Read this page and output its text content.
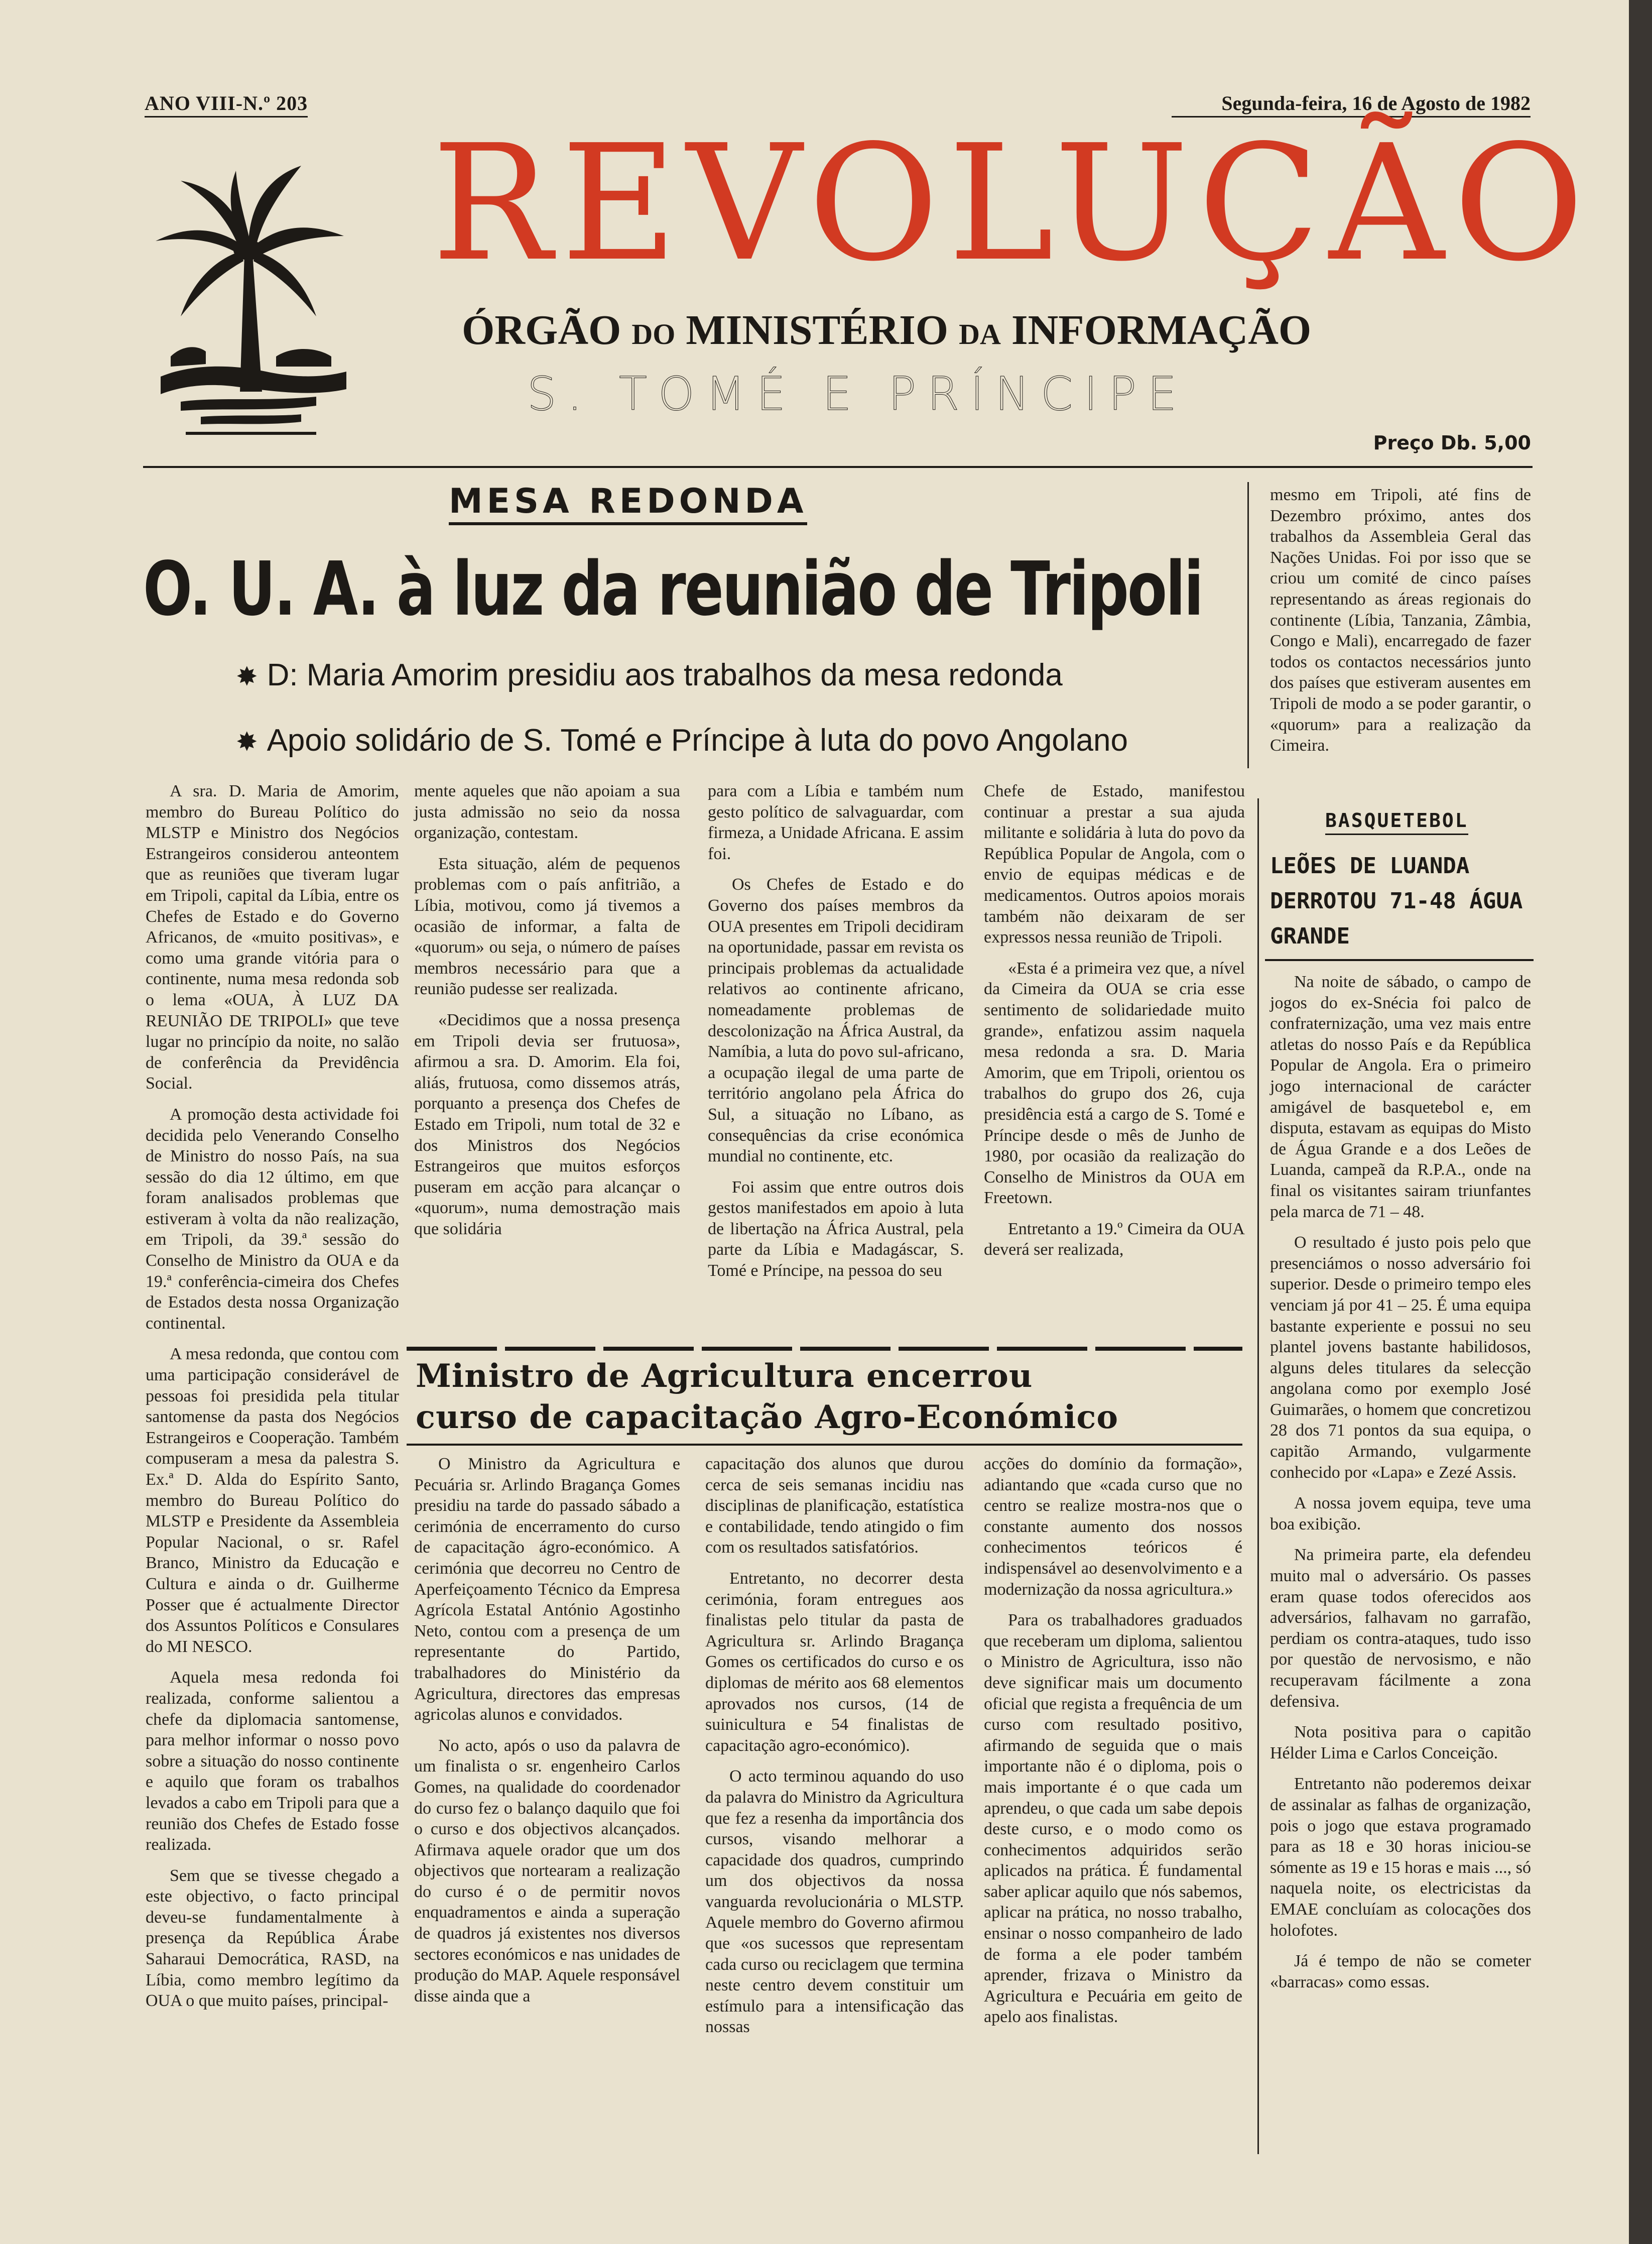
ANO VIII-N.º 203	Segunda-feira, 16 de Agosto de 1982
REVOLUÇÃO
ÓRGÃO DO MINISTÉRIO DA INFORMAÇÃO
S. TOMÉ E PRÍNCIPE
Preço Db. 5,00
MESA REDONDA
O. U. A. à luz da reunião de Tripoli
✸ D: Maria Amorim presidiu aos trabalhos da mesa redonda
✸ Apoio solidário de S. Tomé e Príncipe à luta do povo Angolano

A sra. D. Maria de Amorim, membro do Bureau Político do MLSTP e Ministro dos Negócios Estrangeiros considerou anteontem que as reuniões que tiveram lugar em Tripoli, capital da Líbia, entre os Chefes de Estado e do Governo Africanos, de «muito positivas», e como uma grande vitória para o continente, numa mesa redonda sob o lema «OUA, À LUZ DA REUNIÃO DE TRIPOLI» que teve lugar no princípio da noite, no salão de conferência da Previdência Social.

A promoção desta actividade foi decidida pelo Venerando Conselho de Ministro do nosso País, na sua sessão do dia 12 último, em que foram analisados problemas que estiveram à volta da não realização, em Tripoli, da 39.ª sessão do Conselho de Ministro da OUA e da 19.ª conferência-cimeira dos Chefes de Estados desta nossa Organização continental.

A mesa redonda, que contou com uma participação considerável de pessoas foi presidida pela titular santomense da pasta dos Negócios Estrangeiros e Cooperação. Também compuseram a mesa da palestra S. Ex.ª D. Alda do Espírito Santo, membro do Bureau Político do MLSTP e Presidente da Assembleia Popular Nacional, o sr. Rafel Branco, Ministro da Educação e Cultura e ainda o dr. Guilherme Posser que é actualmente Director dos Assuntos Políticos e Consulares do MI NESCO.

Aquela mesa redonda foi realizada, conforme salientou a chefe da diplomacia santomense, para melhor informar o nosso povo sobre a situação do nosso continente e aquilo que foram os trabalhos levados a cabo em Tripoli para que a reunião dos Chefes de Estado fosse realizada.

Sem que se tivesse chegado a este objectivo, o facto principal deveu-se fundamentalmente à presença da República Árabe Saharaui Democrática, RASD, na Líbia, como membro legítimo da OUA o que muito países, principal-

mente aqueles que não apoiam a sua justa admissão no seio da nossa organização, contestam.

Esta situação, além de pequenos problemas com o país anfitrião, a Líbia, motivou, como já tivemos a ocasião de informar, a falta de «quorum» ou seja, o número de países membros necessário para que a reunião pudesse ser realizada.

«Decidimos que a nossa presença em Tripoli devia ser frutuosa», afirmou a sra. D. Amorim. Ela foi, aliás, frutuosa, como dissemos atrás, porquanto a presença dos Chefes de Estado em Tripoli, num total de 32 e dos Ministros dos Negócios Estrangeiros que muitos esforços puseram em acção para alcançar o «quorum», numa demostração mais que solidária

para com a Líbia e também num gesto político de salvaguardar, com firmeza, a Unidade Africana. E assim foi.

Os Chefes de Estado e do Governo dos países membros da OUA presentes em Tripoli decidiram na oportunidade, passar em revista os principais problemas da actualidade relativos ao continente africano, nomeadamente problemas de descolonização na África Austral, da Namíbia, a luta do povo sul-africano, a ocupação ilegal de uma parte de território angolano pela África do Sul, a situação no Líbano, as consequências da crise económica mundial no continente, etc.

Foi assim que entre outros dois gestos manifestados em apoio à luta de libertação na África Austral, pela parte da Líbia e Madagáscar, S. Tomé e Príncipe, na pessoa do seu

Chefe de Estado, manifestou continuar a prestar a sua ajuda militante e solidária à luta do povo da República Popular de Angola, com o envio de equipas médicas e de medicamentos. Outros apoios morais também não deixaram de ser expressos nessa reunião de Tripoli.

«Esta é a primeira vez que, a nível da Cimeira da OUA se cria esse sentimento de solidariedade muito grande», enfatizou assim naquela mesa redonda a sra. D. Maria Amorim, que em Tripoli, orientou os trabalhos do grupo dos 26, cuja presidência está a cargo de S. Tomé e Príncipe desde o mês de Junho de 1980, por ocasião da realização do Conselho de Ministros da OUA em Freetown.

Entretanto a 19.º Cimeira da OUA deverá ser realizada,

mesmo em Tripoli, até fins de Dezembro próximo, antes dos trabalhos da Assembleia Geral das Nações Unidas. Foi por isso que se criou um comité de cinco países representando as áreas regionais do continente (Líbia, Tanzania, Zâmbia, Congo e Mali), encarregado de fazer todos os contactos necessários junto dos países que estiveram ausentes em Tripoli de modo a se poder garantir, o «quorum» para a realização da Cimeira.

Ministro de Agricultura encerrou
curso de capacitação Agro-Económico

O Ministro da Agricultura e Pecuária sr. Arlindo Bragança Gomes presidiu na tarde do passado sábado a cerimónia de encerramento do curso de capacitação ágro-económico. A cerimónia que decorreu no Centro de Aperfeiçoamento Técnico da Empresa Agrícola Estatal António Agostinho Neto, contou com a presença de um representante do Partido, trabalhadores do Ministério da Agricultura, directores das empresas agricolas alunos e convidados.

No acto, após o uso da palavra de um finalista o sr. engenheiro Carlos Gomes, na qualidade do coordenador do curso fez o balanço daquilo que foi o curso e dos objectivos alcançados. Afirmava aquele orador que um dos objectivos que nortearam a realização do curso é o de permitir novos enquadramentos e ainda a superação de quadros já existentes nos diversos sectores económicos e nas unidades de produção do MAP. Aquele responsável disse ainda que a

capacitação dos alunos que durou cerca de seis semanas incidiu nas disciplinas de planificação, estatística e contabilidade, tendo atingido o fim com os resultados satisfatórios.

Entretanto, no decorrer desta cerimónia, foram entregues aos finalistas pelo titular da pasta de Agricultura sr. Arlindo Bragança Gomes os certificados do curso e os diplomas de mérito aos 68 elementos aprovados nos cursos, (14 de suinicultura e 54 finalistas de capacitação agro-económico).

O acto terminou aquando do uso da palavra do Ministro da Agricultura que fez a resenha da importância dos cursos, visando melhorar a capacidade dos quadros, cumprindo um dos objectivos da nossa vanguarda revolucionária o MLSTP. Aquele membro do Governo afirmou que «os sucessos que representam cada curso ou reciclagem que termina neste centro devem constituir um estímulo para a intensificação das nossas

acções do domínio da formação», adiantando que «cada curso que no centro se realize mostra-nos que o constante aumento dos nossos conhecimentos teóricos é indispensável ao desenvolvimento e a modernização da nossa agricultura.»

Para os trabalhadores graduados que receberam um diploma, salientou o Ministro de Agricultura, isso não deve significar mais um documento oficial que regista a frequência de um curso com resultado positivo, afirmando de seguida que o mais importante não é o diploma, pois o mais importante é o que cada um aprendeu, o que cada um sabe depois deste curso, e o modo como os conhecimentos adquiridos serão aplicados na prática. É fundamental saber aplicar aquilo que nós sabemos, aplicar na prática, no nosso trabalho, ensinar o nosso companheiro de lado de forma a ele poder também aprender, frizava o Ministro da Agricultura e Pecuária em geito de apelo aos finalistas.

BASQUETEBOL
LEÕES DE LUANDA DERROTOU 71-48 ÁGUA GRANDE

Na noite de sábado, o campo de jogos do ex-Snécia foi palco de confraternização, uma vez mais entre atletas do nosso País e da República Popular de Angola. Era o primeiro jogo internacional de carácter amigável de basquetebol e, em disputa, estavam as equipas do Misto de Água Grande e a dos Leões de Luanda, campeã da R.P.A., onde na final os visitantes sairam triunfantes pela marca de 71 – 48.

O resultado é justo pois pelo que presenciámos o nosso adversário foi superior. Desde o primeiro tempo eles venciam já por 41 – 25. É uma equipa bastante experiente e possui no seu plantel jovens bastante habilidosos, alguns deles titulares da selecção angolana como por exemplo José Guimarães, o homem que concretizou 28 dos 71 pontos da sua equipa, o capitão Armando, vulgarmente conhecido por «Lapa» e Zezé Assis.

A nossa jovem equipa, teve uma boa exibição.

Na primeira parte, ela defendeu muito mal o adversário. Os passes eram quase todos oferecidos aos adversários, falhavam no garrafão, perdiam os contra-ataques, tudo isso por questão de nervosismo, e não recuperavam fácilmente a zona defensiva.

Nota positiva para o capitão Hélder Lima e Carlos Conceição.

Entretanto não poderemos deixar de assinalar as falhas de organização, pois o jogo que estava programado para as 18 e 30 horas iniciou-se sómente as 19 e 15 horas e mais ..., só naquela noite, os electricistas da EMAE concluíam as colocações dos holofotes.

Já é tempo de não se cometer «barracas» como essas.
